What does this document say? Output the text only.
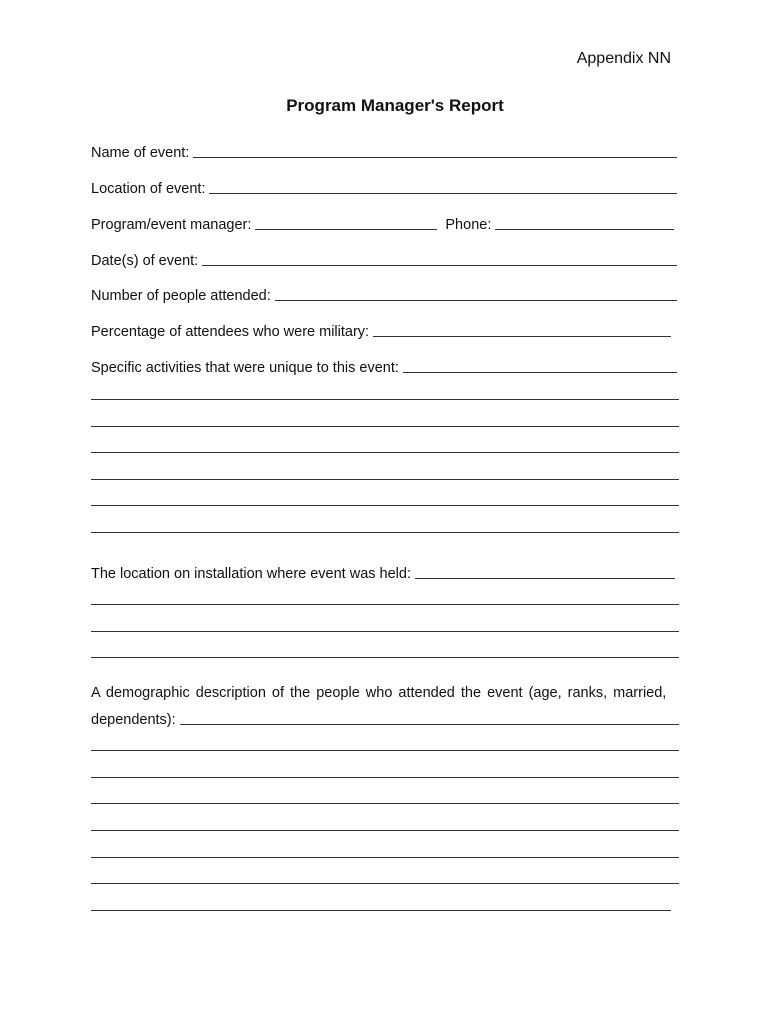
Appendix NN
Program Manager's Report
Name of event:
Location of event:
Program/event manager:	Phone:
Date(s) of event:
Number of people attended:
Percentage of attendees who were military:
Specific activities that were unique to this event:
The location on installation where event was held:
A demographic description of the people who attended the event (age, ranks, married,
dependents):
